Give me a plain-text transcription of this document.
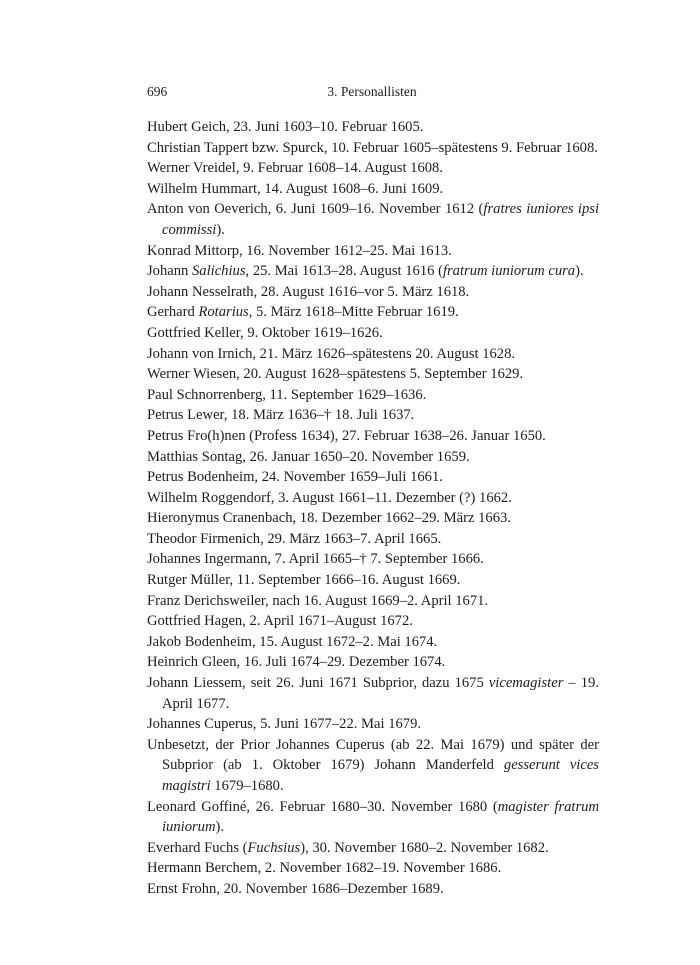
696	3. Personallisten
Hubert Geich, 23. Juni 1603–10. Februar 1605.
Christian Tappert bzw. Spurck, 10. Februar 1605–spätestens 9. Februar 1608.
Werner Vreidel, 9. Februar 1608–14. August 1608.
Wilhelm Hummart, 14. August 1608–6. Juni 1609.
Anton von Oeverich, 6. Juni 1609–16. November 1612 (fratres iuniores ipsi commissi).
Konrad Mittorp, 16. November 1612–25. Mai 1613.
Johann Salichius, 25. Mai 1613–28. August 1616 (fratrum iuniorum cura).
Johann Nesselrath, 28. August 1616–vor 5. März 1618.
Gerhard Rotarius, 5. März 1618–Mitte Februar 1619.
Gottfried Keller, 9. Oktober 1619–1626.
Johann von Irnich, 21. März 1626–spätestens 20. August 1628.
Werner Wiesen, 20. August 1628–spätestens 5. September 1629.
Paul Schnorrenberg, 11. September 1629–1636.
Petrus Lewer, 18. März 1636–† 18. Juli 1637.
Petrus Fro(h)nen (Profess 1634), 27. Februar 1638–26. Januar 1650.
Matthias Sontag, 26. Januar 1650–20. November 1659.
Petrus Bodenheim, 24. November 1659–Juli 1661.
Wilhelm Roggendorf, 3. August 1661–11. Dezember (?) 1662.
Hieronymus Cranenbach, 18. Dezember 1662–29. März 1663.
Theodor Firmenich, 29. März 1663–7. April 1665.
Johannes Ingermann, 7. April 1665–† 7. September 1666.
Rutger Müller, 11. September 1666–16. August 1669.
Franz Derichsweiler, nach 16. August 1669–2. April 1671.
Gottfried Hagen, 2. April 1671–August 1672.
Jakob Bodenheim, 15. August 1672–2. Mai 1674.
Heinrich Gleen, 16. Juli 1674–29. Dezember 1674.
Johann Liessem, seit 26. Juni 1671 Subprior, dazu 1675 vicemagister – 19. April 1677.
Johannes Cuperus, 5. Juni 1677–22. Mai 1679.
Unbesetzt, der Prior Johannes Cuperus (ab 22. Mai 1679) und später der Subprior (ab 1. Oktober 1679) Johann Manderfeld gesserunt vices magistri 1679–1680.
Leonard Goffiné, 26. Februar 1680–30. November 1680 (magister fratrum iuniorum).
Everhard Fuchs (Fuchsius), 30. November 1680–2. November 1682.
Hermann Berchem, 2. November 1682–19. November 1686.
Ernst Frohn, 20. November 1686–Dezember 1689.
